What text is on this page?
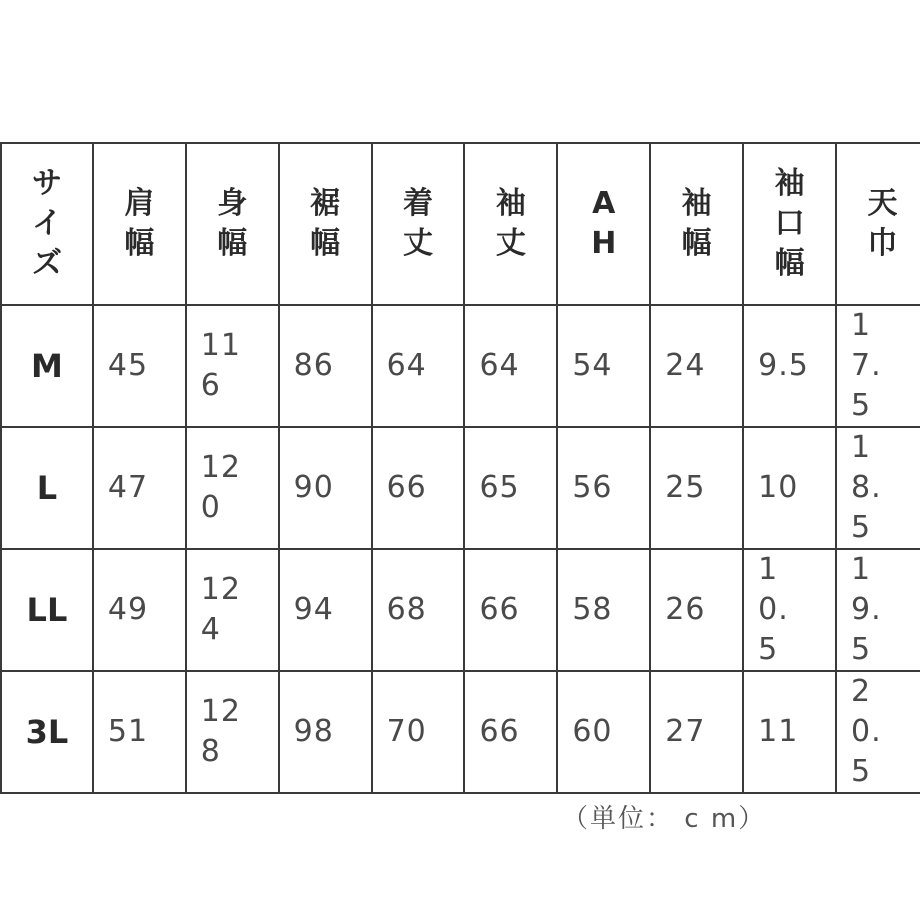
サイズ	肩幅	身幅	裾幅	着丈	袖丈	AH	袖幅	袖口幅	天巾

M	45	116	86	64	64	54	24	9.5	17.5

L	47	120	90	66	65	56	25	10	18.5

LL	49	124	94	68	66	58	26	10.5	19.5

3L	51	128	98	70	66	60	27	11	20.5
（単位： c m）
